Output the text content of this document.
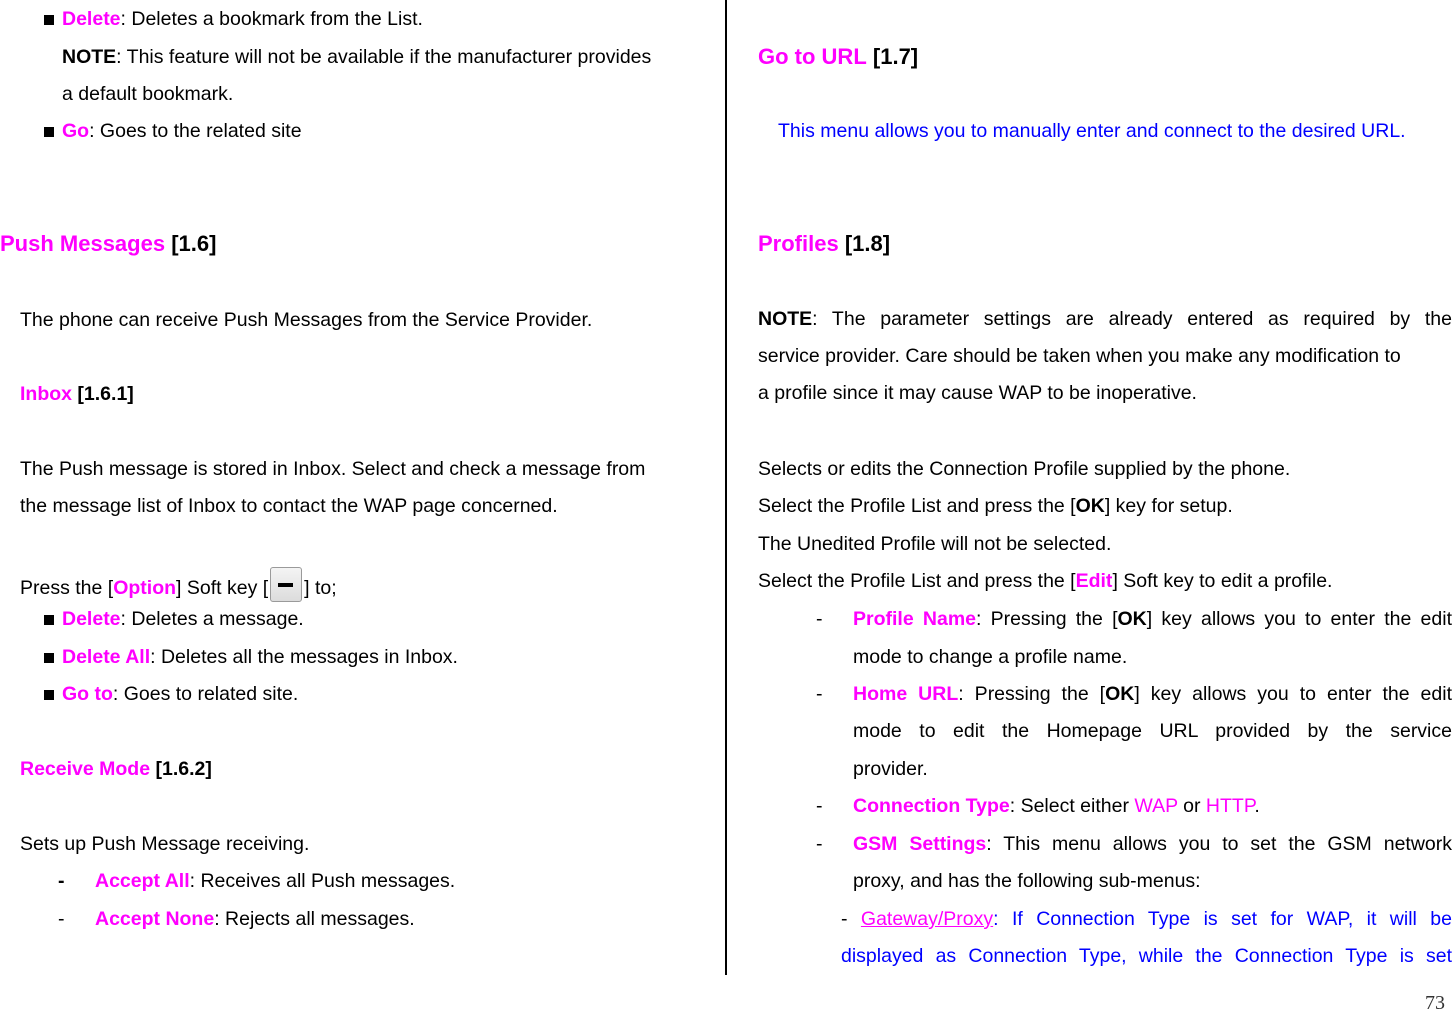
Delete: Deletes a bookmark from the List.
NOTE: This feature will not be available if the manufacturer provides
a default bookmark.
Go: Goes to the related site
Push Messages [1.6]
The phone can receive Push Messages from the Service Provider.
Inbox [1.6.1]
The Push message is stored in Inbox. Select and check a message from
the message list of Inbox to contact the WAP page concerned.
Press the [Option] Soft key [ ] to;
Delete: Deletes a message.
Delete All: Deletes all the messages in Inbox.
Go to: Goes to related site.
Receive Mode [1.6.2]
Sets up Push Message receiving.
- Accept All: Receives all Push messages.
- Accept None: Rejects all messages.
Go to URL [1.7]
This menu allows you to manually enter and connect to the desired URL.
Profiles [1.8]
NOTE: The parameter settings are already entered as required by the
service provider. Care should be taken when you make any modification to
a profile since it may cause WAP to be inoperative.
Selects or edits the Connection Profile supplied by the phone.
Select the Profile List and press the [OK] key for setup.
The Unedited Profile will not be selected.
Select the Profile List and press the [Edit] Soft key to edit a profile.
- Profile Name: Pressing the [OK] key allows you to enter the edit
mode to change a profile name.
- Home URL: Pressing the [OK] key allows you to enter the edit
mode to edit the Homepage URL provided by the service
provider.
- Connection Type: Select either WAP or HTTP.
- GSM Settings: This menu allows you to set the GSM network
proxy, and has the following sub-menus:
- Gateway/Proxy: If Connection Type is set for WAP, it will be
displayed as Connection Type, while the Connection Type is set
73
